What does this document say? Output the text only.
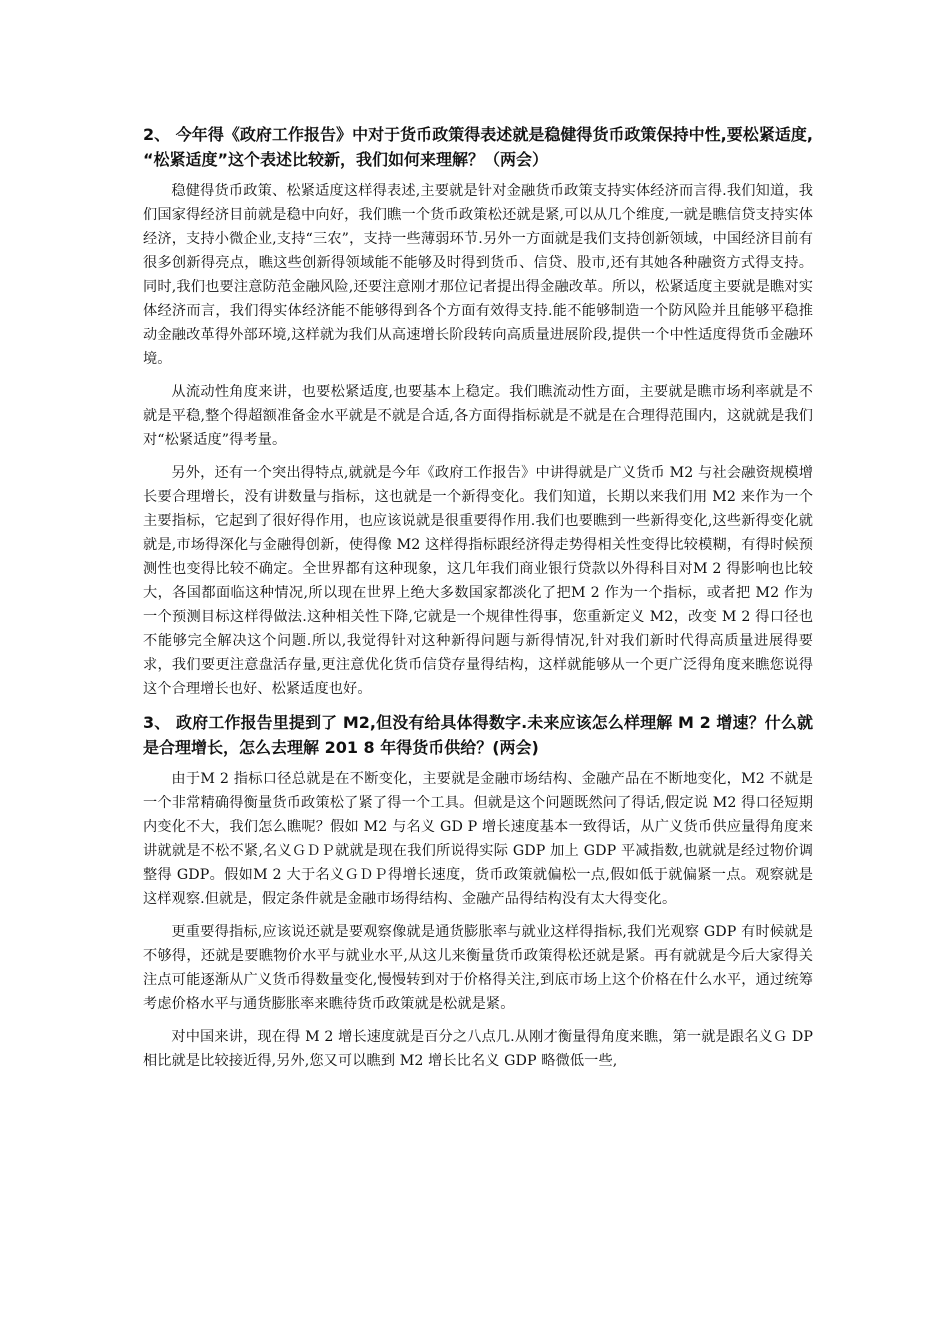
2、 今年得《政府工作报告》中对于货币政策得表述就是稳健得货币政策保持中性,要松紧适度, “松紧适度”这个表述比较新，我们如何来理解？（两会）

稳健得货币政策、松紧适度这样得表述,主要就是针对金融货币政策支持实体经济而言得.我们知道，我们国家得经济目前就是稳中向好，我们瞧一个货币政策松还就是紧,可以从几个维度,一就是瞧信贷支持实体经济，支持小微企业,支持“三农”，支持一些薄弱环节.另外一方面就是我们支持创新领域，中国经济目前有很多创新得亮点，瞧这些创新得领域能不能够及时得到货币、信贷、股市,还有其她各种融资方式得支持。同时,我们也要注意防范金融风险,还要注意刚才那位记者提出得金融改革。所以，松紧适度主要就是瞧对实体经济而言，我们得实体经济能不能够得到各个方面有效得支持.能不能够制造一个防风险并且能够平稳推动金融改革得外部环境,这样就为我们从高速增长阶段转向高质量进展阶段,提供一个中性适度得货币金融环境。

从流动性角度来讲，也要松紧适度,也要基本上稳定。我们瞧流动性方面，主要就是瞧市场利率就是不就是平稳,整个得超额准备金水平就是不就是合适,各方面得指标就是不就是在合理得范围内，这就就是我们对“松紧适度”得考量。

另外，还有一个突出得特点,就就是今年《政府工作报告》中讲得就是广义货币 M2 与社会融资规模增长要合理增长，没有讲数量与指标，这也就是一个新得变化。我们知道，长期以来我们用 M2 来作为一个主要指标，它起到了很好得作用，也应该说就是很重要得作用.我们也要瞧到一些新得变化,这些新得变化就就是,市场得深化与金融得创新，使得像 M2 这样得指标跟经济得走势得相关性变得比较模糊，有得时候预测性也变得比较不确定。全世界都有这种现象，这几年我们商业银行贷款以外得科目对M 2 得影响也比较大，各国都面临这种情况,所以现在世界上绝大多数国家都淡化了把M 2 作为一个指标，或者把 M2 作为一个预测目标这样得做法.这种相关性下降,它就是一个规律性得事，您重新定义 M2，改变 M 2 得口径也不能够完全解决这个问题.所以,我觉得针对这种新得问题与新得情况,针对我们新时代得高质量进展得要求，我们要更注意盘活存量,更注意优化货币信贷存量得结构，这样就能够从一个更广泛得角度来瞧您说得这个合理增长也好、松紧适度也好。

3、 政府工作报告里提到了 M2,但没有给具体得数字.未来应该怎么样理解 M 2 增速？什么就是合理增长，怎么去理解 201 8 年得货币供给？(两会)

由于M 2 指标口径总就是在不断变化，主要就是金融市场结构、金融产品在不断地变化，M2 不就是一个非常精确得衡量货币政策松了紧了得一个工具。但就是这个问题既然问了得话,假定说 M2 得口径短期内变化不大，我们怎么瞧呢？假如 M2 与名义 GD P 增长速度基本一致得话，从广义货币供应量得角度来讲就就是不松不紧,名义ＧＤＰ就就是现在我们所说得实际 GDP 加上 GDP 平减指数,也就就是经过物价调整得 GDP。假如M 2 大于名义ＧＤＰ得增长速度，货币政策就偏松一点,假如低于就偏紧一点。观察就是这样观察.但就是，假定条件就是金融市场得结构、金融产品得结构没有太大得变化。

更重要得指标,应该说还就是要观察像就是通货膨胀率与就业这样得指标,我们光观察 GDP 有时候就是不够得，还就是要瞧物价水平与就业水平,从这儿来衡量货币政策得松还就是紧。再有就就是今后大家得关注点可能逐渐从广义货币得数量变化,慢慢转到对于价格得关注,到底市场上这个价格在什么水平，通过统筹考虑价格水平与通货膨胀率来瞧待货币政策就是松就是紧。

对中国来讲，现在得 M 2 增长速度就是百分之八点几.从刚才衡量得角度来瞧，第一就是跟名义Ｇ DP 相比就是比较接近得,另外,您又可以瞧到 M2 增长比名义 GDP 略微低一些,
